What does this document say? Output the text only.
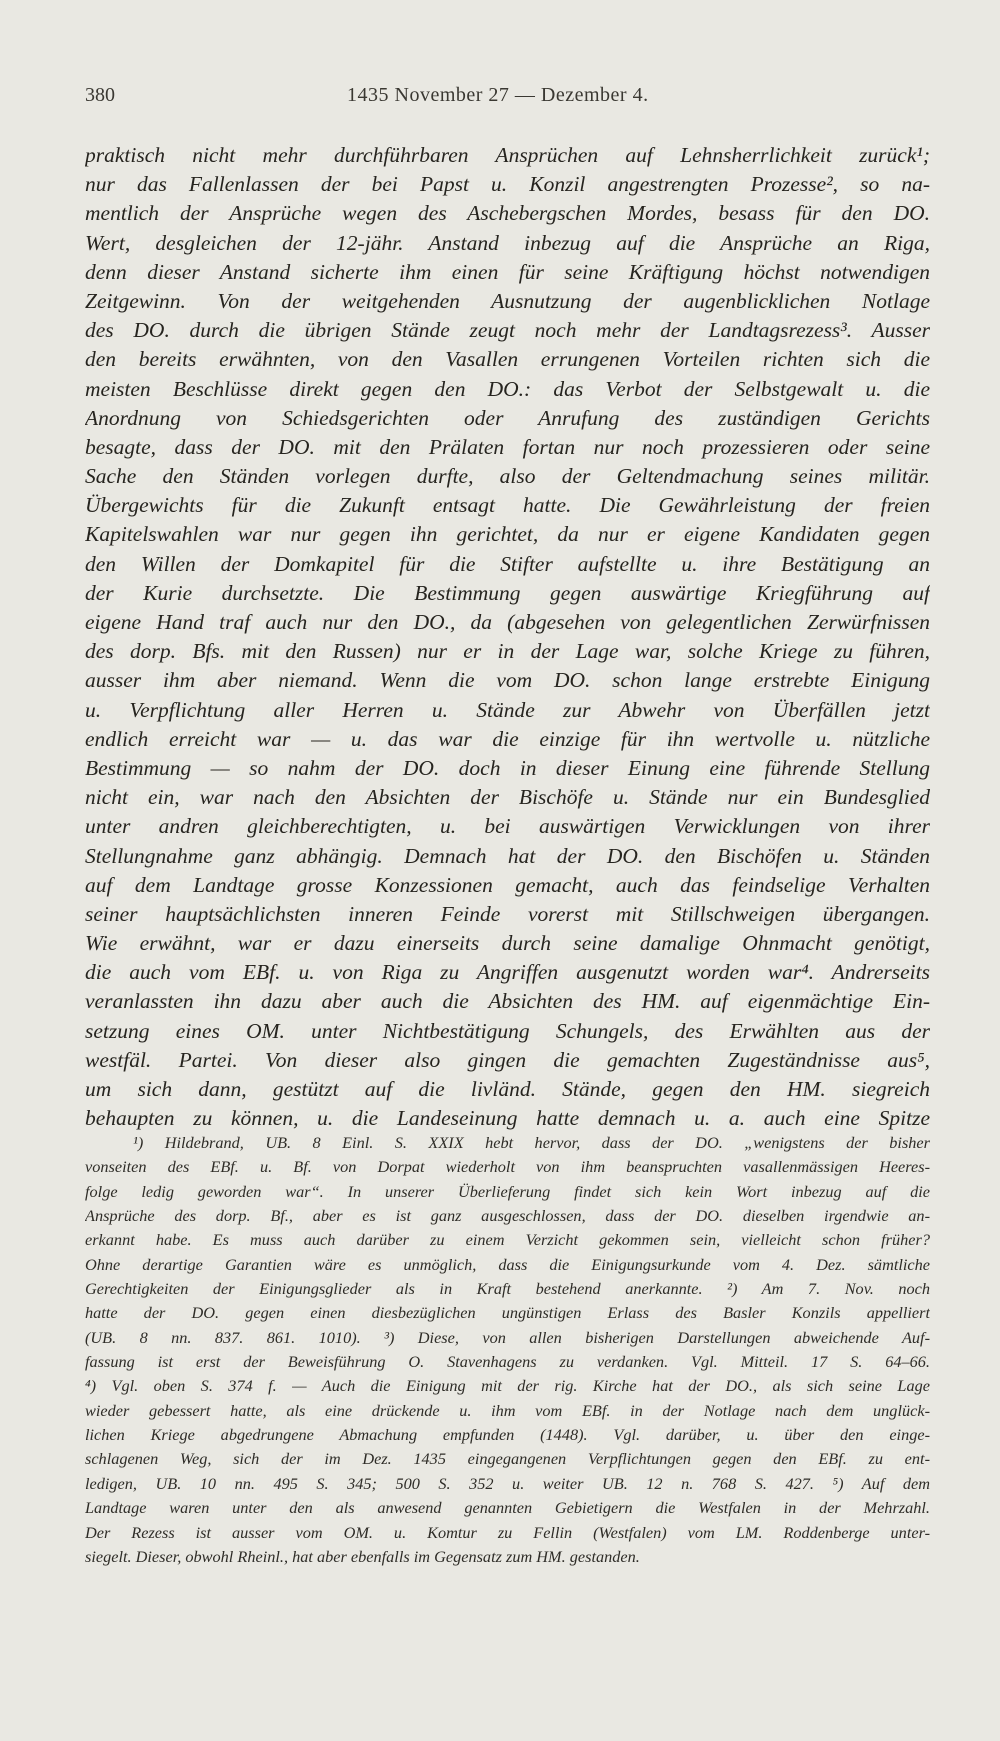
380	1435 November 27 — Dezember 4.
praktisch nicht mehr durchführbaren Ansprüchen auf Lehnsherrlichkeit zurück¹;
nur das Fallenlassen der bei Papst u. Konzil angestrengten Prozesse², so na-
mentlich der Ansprüche wegen des Aschebergschen Mordes, besass für den DO.
Wert, desgleichen der 12-jähr. Anstand inbezug auf die Ansprüche an Riga,
denn dieser Anstand sicherte ihm einen für seine Kräftigung höchst notwendigen
Zeitgewinn. Von der weitgehenden Ausnutzung der augenblicklichen Notlage
des DO. durch die übrigen Stände zeugt noch mehr der Landtagsrezess³. Ausser
den bereits erwähnten, von den Vasallen errungenen Vorteilen richten sich die
meisten Beschlüsse direkt gegen den DO.: das Verbot der Selbstgewalt u. die
Anordnung von Schiedsgerichten oder Anrufung des zuständigen Gerichts
besagte, dass der DO. mit den Prälaten fortan nur noch prozessieren oder seine
Sache den Ständen vorlegen durfte, also der Geltendmachung seines militär.
Übergewichts für die Zukunft entsagt hatte. Die Gewährleistung der freien
Kapitelswahlen war nur gegen ihn gerichtet, da nur er eigene Kandidaten gegen
den Willen der Domkapitel für die Stifter aufstellte u. ihre Bestätigung an
der Kurie durchsetzte. Die Bestimmung gegen auswärtige Kriegführung auf
eigene Hand traf auch nur den DO., da (abgesehen von gelegentlichen Zerwürfnissen
des dorp. Bfs. mit den Russen) nur er in der Lage war, solche Kriege zu führen,
ausser ihm aber niemand. Wenn die vom DO. schon lange erstrebte Einigung
u. Verpflichtung aller Herren u. Stände zur Abwehr von Überfällen jetzt
endlich erreicht war — u. das war die einzige für ihn wertvolle u. nützliche
Bestimmung — so nahm der DO. doch in dieser Einung eine führende Stellung
nicht ein, war nach den Absichten der Bischöfe u. Stände nur ein Bundesglied
unter andren gleichberechtigten, u. bei auswärtigen Verwicklungen von ihrer
Stellungnahme ganz abhängig. Demnach hat der DO. den Bischöfen u. Ständen
auf dem Landtage grosse Konzessionen gemacht, auch das feindselige Verhalten
seiner hauptsächlichsten inneren Feinde vorerst mit Stillschweigen übergangen.
Wie erwähnt, war er dazu einerseits durch seine damalige Ohnmacht genötigt,
die auch vom EBf. u. von Riga zu Angriffen ausgenutzt worden war⁴. Andrerseits
veranlassten ihn dazu aber auch die Absichten des HM. auf eigenmächtige Ein-
setzung eines OM. unter Nichtbestätigung Schungels, des Erwählten aus der
westfäl. Partei. Von dieser also gingen die gemachten Zugeständnisse aus⁵,
um sich dann, gestützt auf die livländ. Stände, gegen den HM. siegreich
behaupten zu können, u. die Landeseinung hatte demnach u. a. auch eine Spitze
¹) Hildebrand, UB. 8 Einl. S. XXIX hebt hervor, dass der DO. „wenigstens der bisher
vonseiten des EBf. u. Bf. von Dorpat wiederholt von ihm beanspruchten vasallenmässigen Heeres-
folge ledig geworden war“. In unserer Überlieferung findet sich kein Wort inbezug auf die
Ansprüche des dorp. Bf., aber es ist ganz ausgeschlossen, dass der DO. dieselben irgendwie an-
erkannt habe. Es muss auch darüber zu einem Verzicht gekommen sein, vielleicht schon früher?
Ohne derartige Garantien wäre es unmöglich, dass die Einigungsurkunde vom 4. Dez. sämtliche
Gerechtigkeiten der Einigungsglieder als in Kraft bestehend anerkannte. ²) Am 7. Nov. noch
hatte der DO. gegen einen diesbezüglichen ungünstigen Erlass des Basler Konzils appelliert
(UB. 8 nn. 837. 861. 1010). ³) Diese, von allen bisherigen Darstellungen abweichende Auf-
fassung ist erst der Beweisführung O. Stavenhagens zu verdanken. Vgl. Mitteil. 17 S. 64–66.
⁴) Vgl. oben S. 374 f. — Auch die Einigung mit der rig. Kirche hat der DO., als sich seine Lage
wieder gebessert hatte, als eine drückende u. ihm vom EBf. in der Notlage nach dem unglück-
lichen Kriege abgedrungene Abmachung empfunden (1448). Vgl. darüber, u. über den einge-
schlagenen Weg, sich der im Dez. 1435 eingegangenen Verpflichtungen gegen den EBf. zu ent-
ledigen, UB. 10 nn. 495 S. 345; 500 S. 352 u. weiter UB. 12 n. 768 S. 427. ⁵) Auf dem
Landtage waren unter den als anwesend genannten Gebietigern die Westfalen in der Mehrzahl.
Der Rezess ist ausser vom OM. u. Komtur zu Fellin (Westfalen) vom LM. Roddenberge unter-
siegelt. Dieser, obwohl Rheinl., hat aber ebenfalls im Gegensatz zum HM. gestanden.
